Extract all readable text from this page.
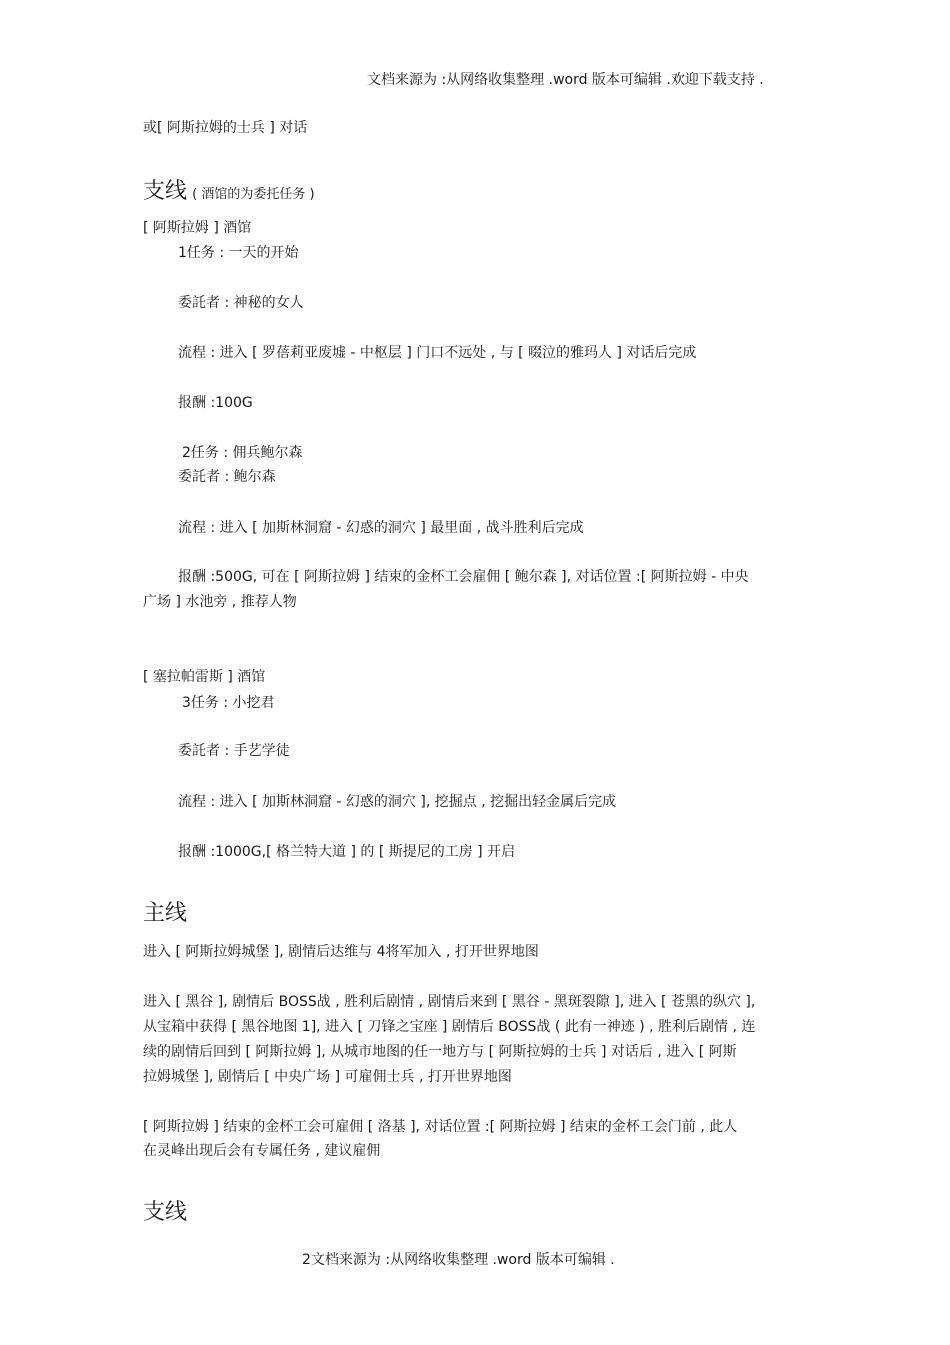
文档来源为 :从网络收集整理 .word 版本可编辑 .欢迎下载支持 .
或[ 阿斯拉姆的士兵 ] 对话
支线 ( 酒馆的为委托任务 )
[ 阿斯拉姆 ] 酒馆
1任务 : 一天的开始
委託者 : 神秘的女人
流程 : 进入 [ 罗蓓莉亚废墟 - 中枢层 ] 门口不远处 , 与 [ 啜泣的雅玛人 ] 对话后完成
报酬 :100G
2任务 : 佣兵鲍尔森
委託者 : 鲍尔森
流程 : 进入 [ 加斯林洞窟 - 幻惑的洞穴 ] 最里面 , 战斗胜利后完成
报酬 :500G, 可在 [ 阿斯拉姆 ] 结束的金杯工会雇佣 [ 鲍尔森 ], 对话位置 :[ 阿斯拉姆 - 中央
广场 ] 水池旁 , 推荐人物
[ 塞拉帕雷斯 ] 酒馆
3任务 : 小挖君
委託者 : 手艺学徒
流程 : 进入 [ 加斯林洞窟 - 幻惑的洞穴 ], 挖掘点 , 挖掘出轻金属后完成
报酬 :1000G,[ 格兰特大道 ] 的 [ 斯提尼的工房 ] 开启
主线
进入 [ 阿斯拉姆城堡 ], 剧情后达维与 4将军加入 , 打开世界地图
进入 [ 黑谷 ], 剧情后 BOSS战 , 胜利后剧情 , 剧情后来到 [ 黑谷 - 黑斑裂隙 ], 进入 [ 苍黑的纵穴 ],
从宝箱中获得 [ 黑谷地图 1], 进入 [ 刀锋之宝座 ] 剧情后 BOSS战 ( 此有一神迹 ) , 胜利后剧情 , 连
续的剧情后回到 [ 阿斯拉姆 ], 从城市地图的任一地方与 [ 阿斯拉姆的士兵 ] 对话后 , 进入 [ 阿斯
拉姆城堡 ], 剧情后 [ 中央广场 ] 可雇佣士兵 , 打开世界地图
[ 阿斯拉姆 ] 结束的金杯工会可雇佣 [ 洛基 ], 对话位置 :[ 阿斯拉姆 ] 结束的金杯工会门前 , 此人
在灵峰出现后会有专属任务 , 建议雇佣
支线
2文档来源为 :从网络收集整理 .word 版本可编辑 .
